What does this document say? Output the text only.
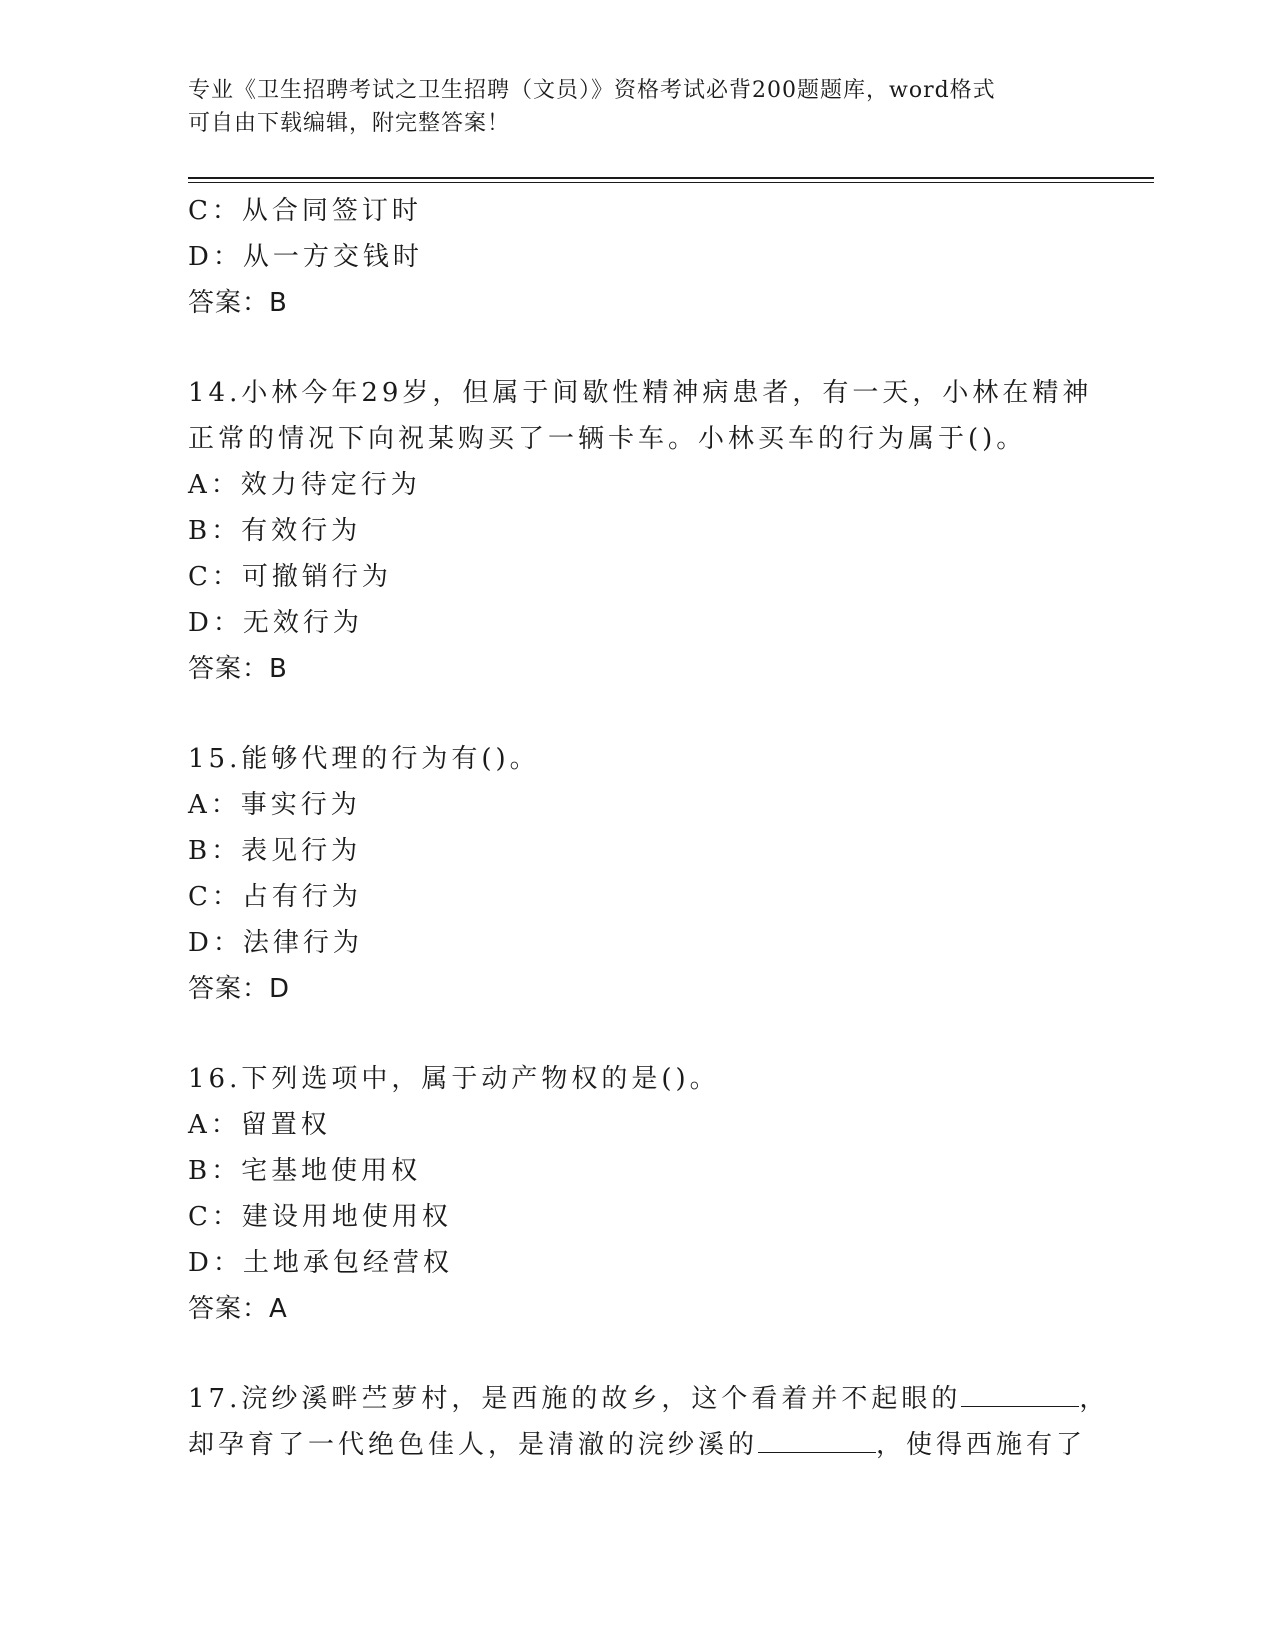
专业《卫生招聘考试之卫生招聘（文员）》资格考试必背200题题库，word格式
可自由下载编辑，附完整答案！
C：从合同签订时
D：从一方交钱时
答案：B
14.小林今年29岁，但属于间歇性精神病患者，有一天，小林在精神
正常的情况下向祝某购买了一辆卡车。小林买车的行为属于()。
A：效力待定行为
B：有效行为
C：可撤销行为
D：无效行为
答案：B
15.能够代理的行为有()。
A：事实行为
B：表见行为
C：占有行为
D：法律行为
答案：D
16.下列选项中，属于动产物权的是()。
A：留置权
B：宅基地使用权
C：建设用地使用权
D：土地承包经营权
答案：A
17.浣纱溪畔苎萝村，是西施的故乡，这个看着并不起眼的	，
却孕育了一代绝色佳人，是清澈的浣纱溪的	，使得西施有了
